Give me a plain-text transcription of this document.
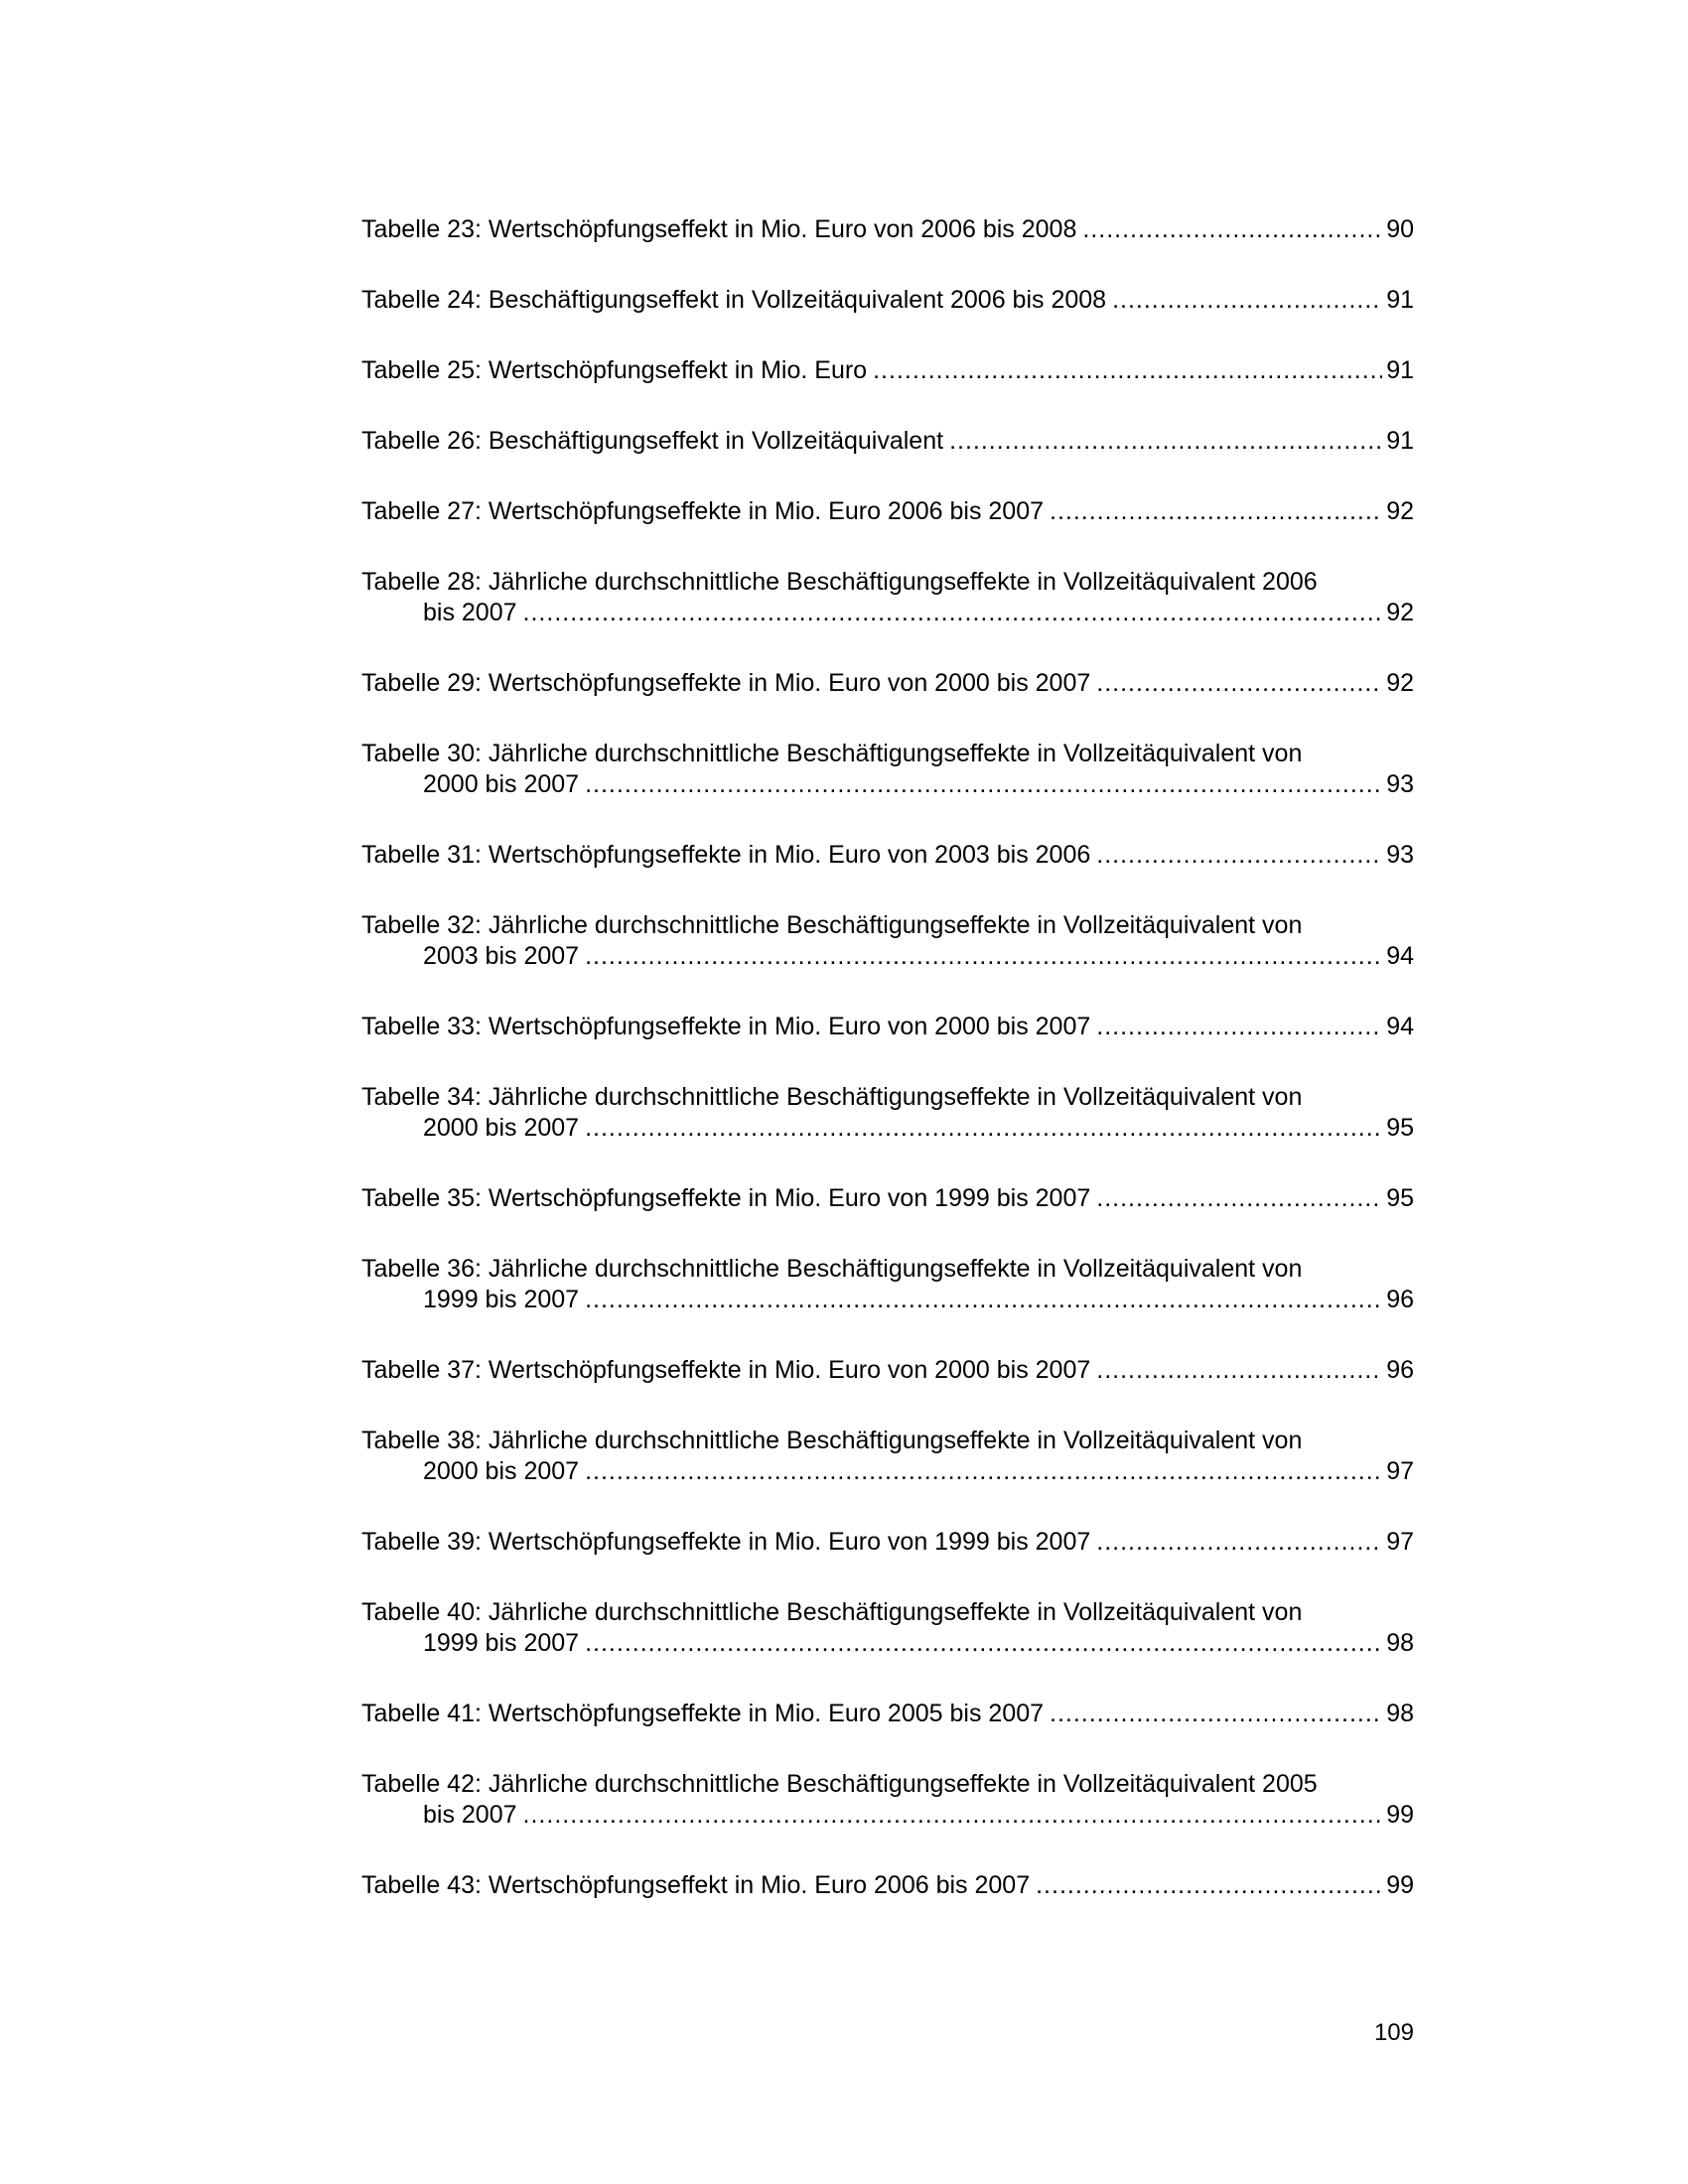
Tabelle 23: Wertschöpfungseffekt in Mio. Euro von 2006 bis 2008 .....	90
Tabelle 24: Beschäftigungseffekt in Vollzeitäquivalent 2006 bis 2008 .....	91
Tabelle 25: Wertschöpfungseffekt in Mio. Euro .....	91
Tabelle 26: Beschäftigungseffekt in Vollzeitäquivalent .....	91
Tabelle 27: Wertschöpfungseffekte in Mio. Euro 2006 bis 2007 .....	92
Tabelle 28: Jährliche durchschnittliche Beschäftigungseffekte in Vollzeitäquivalent 2006
bis 2007 .....	92
Tabelle 29: Wertschöpfungseffekte in Mio. Euro von 2000 bis 2007 .....	92
Tabelle 30: Jährliche durchschnittliche Beschäftigungseffekte in Vollzeitäquivalent von
2000 bis 2007 .....	93
Tabelle 31: Wertschöpfungseffekte in Mio. Euro von 2003 bis 2006 .....	93
Tabelle 32: Jährliche durchschnittliche Beschäftigungseffekte in Vollzeitäquivalent von
2003 bis 2007 .....	94
Tabelle 33: Wertschöpfungseffekte in Mio. Euro von 2000 bis 2007 .....	94
Tabelle 34: Jährliche durchschnittliche Beschäftigungseffekte in Vollzeitäquivalent von
2000 bis 2007 .....	95
Tabelle 35: Wertschöpfungseffekte in Mio. Euro von 1999 bis 2007 .....	95
Tabelle 36: Jährliche durchschnittliche Beschäftigungseffekte in Vollzeitäquivalent von
1999 bis 2007 .....	96
Tabelle 37: Wertschöpfungseffekte in Mio. Euro von 2000 bis 2007 .....	96
Tabelle 38: Jährliche durchschnittliche Beschäftigungseffekte in Vollzeitäquivalent von
2000 bis 2007 .....	97
Tabelle 39: Wertschöpfungseffekte in Mio. Euro von 1999 bis 2007 .....	97
Tabelle 40: Jährliche durchschnittliche Beschäftigungseffekte in Vollzeitäquivalent von
1999 bis 2007 .....	98
Tabelle 41: Wertschöpfungseffekte in Mio. Euro 2005 bis 2007 .....	98
Tabelle 42: Jährliche durchschnittliche Beschäftigungseffekte in Vollzeitäquivalent 2005
bis 2007 .....	99
Tabelle 43: Wertschöpfungseffekt in Mio. Euro 2006 bis 2007 .....	99
109
